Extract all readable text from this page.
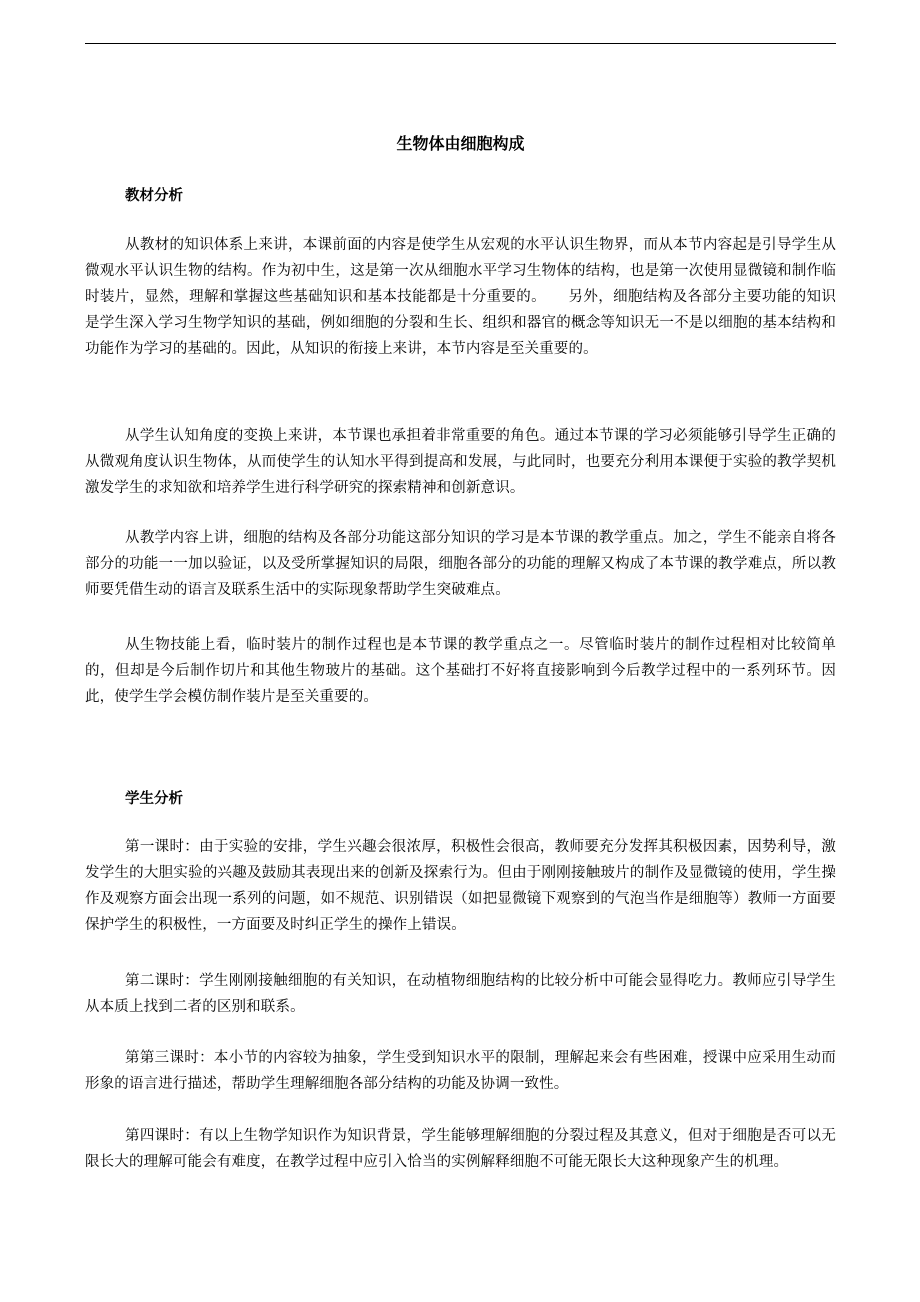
生物体由细胞构成
教材分析

从教材的知识体系上来讲，本课前面的内容是使学生从宏观的水平认识生物界，而从本节内容起是引导学生从微观水平认识生物的结构。作为初中生，这是第一次从细胞水平学习生物体的结构，也是第一次使用显微镜和制作临时装片，显然，理解和掌握这些基础知识和基本技能都是十分重要的。　　另外，细胞结构及各部分主要功能的知识是学生深入学习生物学知识的基础，例如细胞的分裂和生长、组织和器官的概念等知识无一不是以细胞的基本结构和功能作为学习的基础的。因此，从知识的衔接上来讲，本节内容是至关重要的。

从学生认知角度的变换上来讲，本节课也承担着非常重要的角色。通过本节课的学习必须能够引导学生正确的从微观角度认识生物体，从而使学生的认知水平得到提高和发展，与此同时，也要充分利用本课便于实验的教学契机激发学生的求知欲和培养学生进行科学研究的探索精神和创新意识。

从教学内容上讲，细胞的结构及各部分功能这部分知识的学习是本节课的教学重点。加之，学生不能亲自将各部分的功能一一加以验证，以及受所掌握知识的局限，细胞各部分的功能的理解又构成了本节课的教学难点，所以教师要凭借生动的语言及联系生活中的实际现象帮助学生突破难点。

从生物技能上看，临时装片的制作过程也是本节课的教学重点之一。尽管临时装片的制作过程相对比较简单的，但却是今后制作切片和其他生物玻片的基础。这个基础打不好将直接影响到今后教学过程中的一系列环节。因此，使学生学会模仿制作装片是至关重要的。

学生分析

第一课时：由于实验的安排，学生兴趣会很浓厚，积极性会很高，教师要充分发挥其积极因素，因势利导，激发学生的大胆实验的兴趣及鼓励其表现出来的创新及探索行为。但由于刚刚接触玻片的制作及显微镜的使用，学生操作及观察方面会出现一系列的问题，如不规范、识别错误（如把显微镜下观察到的气泡当作是细胞等）教师一方面要保护学生的积极性，一方面要及时纠正学生的操作上错误。

第二课时：学生刚刚接触细胞的有关知识，在动植物细胞结构的比较分析中可能会显得吃力。教师应引导学生从本质上找到二者的区别和联系。

第第三课时：本小节的内容较为抽象，学生受到知识水平的限制，理解起来会有些困难，授课中应采用生动而形象的语言进行描述，帮助学生理解细胞各部分结构的功能及协调一致性。

第四课时：有以上生物学知识作为知识背景，学生能够理解细胞的分裂过程及其意义，但对于细胞是否可以无限长大的理解可能会有难度，在教学过程中应引入恰当的实例解释细胞不可能无限长大这种现象产生的机理。
